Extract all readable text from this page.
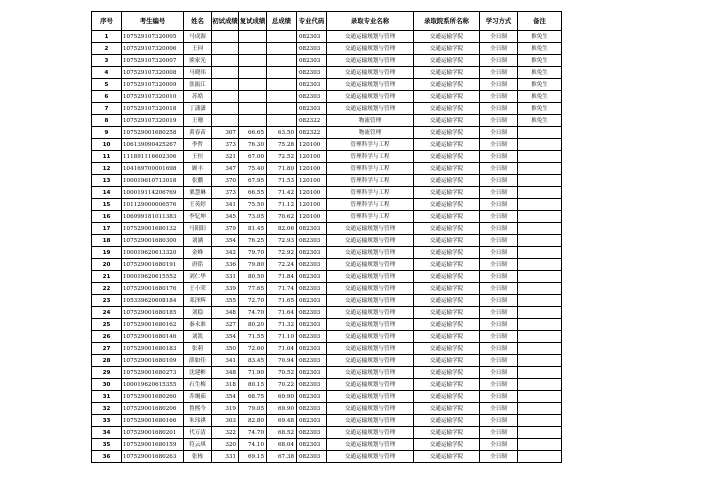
序号	考生编号	姓名	初试成绩	复试成绩	总成绩	专业代码	录取专业名称	录取院系所名称	学习方式	备注
1	107529107320005	马成源				082303	交通运输规划与管理	交通运输学院	全日制	推免生
2	107529107320006	王珂				082303	交通运输规划与管理	交通运输学院	全日制	推免生
3	107529107320007	熊家光				082303	交通运输规划与管理	交通运输学院	全日制	推免生
4	107529107320008	马晓玮				082303	交通运输规划与管理	交通运输学院	全日制	推免生
5	107529107320009	张振江				082303	交通运输规划与管理	交通运输学院	全日制	推免生
6	107529107320010	苏皓				082303	交通运输规划与管理	交通运输学院	全日制	推免生
7	107529107320018	丁潇潇				082303	交通运输规划与管理	交通运输学院	全日制	推免生
8	107529107320019	王珊				082322	物流管理	交通运输学院	全日制	推免生
9	107529001680258	黄春苗	307	66.65	63.50	082322	物流管理	交通运输学院	全日制	
10	106139090425267	李哲	373	76.30	75.28	120100	管理科学与工程	交通运输学院	全日制	
11	111891116602306	王恒	321	67.00	72.52	120100	管理科学与工程	交通运输学院	全日制	
12	104169700001698	顾丰	347	75.40	71.80	120100	管理科学与工程	交通运输学院	全日制	
13	100019610713018	张鹏	370	67.95	71.53	120100	管理科学与工程	交通运输学院	全日制	
14	100019114206769	栗慧琳	373	66.55	71.42	120100	管理科学与工程	交通运输学院	全日制	
15	101129000006576	王英婷	341	75.50	71.12	120100	管理科学与工程	交通运输学院	全日制	
16	106999181011383	李钇坤	345	73.05	70.62	120100	管理科学与工程	交通运输学院	全日制	
17	107529001680132	马阳阳	379	81.45	82.06	082303	交通运输规划与管理	交通运输学院	全日制	
18	107529001680300	刘涵	354	76.25	72.93	082303	交通运输规划与管理	交通运输学院	全日制	
19	100019620613320	金峰	342	79.70	72.92	082303	交通运输规划与管理	交通运输学院	全日制	
20	107529001680191	唐铭	336	79.80	72.24	082303	交通运输规划与管理	交通运输学院	全日制	
21	100019620615552	刘仁华	331	80.50	71.84	082303	交通运输规划与管理	交通运输学院	全日制	
22	107529001680176	王小荣	339	77.65	71.74	082303	交通运输规划与管理	交通运输学院	全日制	
23	105339620608184	邓泽辉	355	72.70	71.65	082303	交通运输规划与管理	交通运输学院	全日制	
24	107529001680185	刘稳	348	74.70	71.64	082303	交通运输规划与管理	交通运输学院	全日制	
25	107529001680162	秦永准	327	80.20	71.32	082303	交通运输规划与管理	交通运输学院	全日制	
26	107529001680146	刘凯	354	71.55	71.10	082303	交通运输规划与管理	交通运输学院	全日制	
27	107529001680183	张莉	350	72.60	71.04	082303	交通运输规划与管理	交通运输学院	全日制	
28	107529001680109	薛如佳	341	83.45	70.94	082303	交通运输规划与管理	交通运输学院	全日制	
29	107529001680273	沈建彬	348	71.90	70.52	082303	交通运输规划与管理	交通运输学院	全日制	
30	100019620615355	石生梅	318	80.15	70.22	082303	交通运输规划与管理	交通运输学院	全日制	
31	107529001680260	乔炯茹	354	68.75	69.90	082303	交通运输规划与管理	交通运输学院	全日制	
32	107529001680206	鲁熙今	319	79.05	69.90	082303	交通运输规划与管理	交通运输学院	全日制	
33	107529001680166	朱玮祺	303	82.80	69.48	082303	交通运输规划与管理	交通运输学院	全日制	
34	107529001680201	代万清	322	74.70	68.52	082303	交通运输规划与管理	交通运输学院	全日制	
35	107529001680159	符云琪	320	74.10	68.04	082303	交通运输规划与管理	交通运输学院	全日制	
36	107529001680263	张栋	331	69.15	67.38	082303	交通运输规划与管理	交通运输学院	全日制	
